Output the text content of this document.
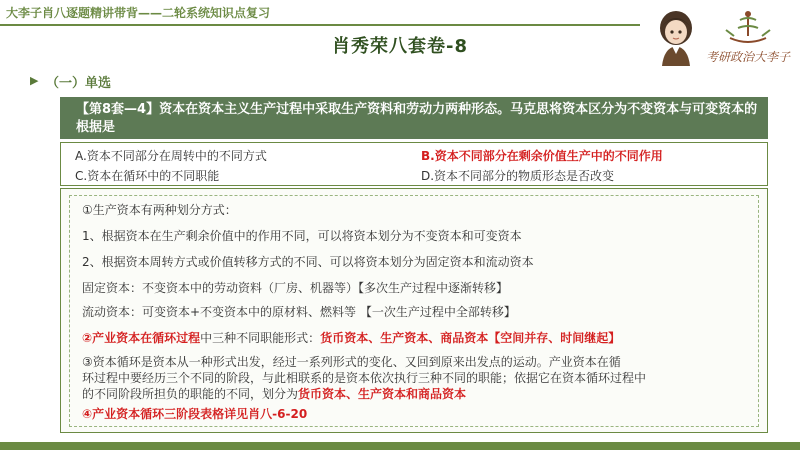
大李子肖八逐题精讲带背——二轮系统知识点复习
肖秀荣八套卷-8	考研政治大李子
▶ （一）单选
【第8套—4】资本在资本主义生产过程中采取生产资料和劳动力两种形态。马克思将资本区分为不变资本与可变资本的根据是
A.资本不同部分在周转中的不同方式	B.资本不同部分在剩余价值生产中的不同作用
C.资本在循环中的不同职能	D.资本不同部分的物质形态是否改变
①生产资本有两种划分方式：
1、根据资本在生产剩余价值中的作用不同，可以将资本划分为不变资本和可变资本
2、根据资本周转方式或价值转移方式的不同、可以将资本划分为固定资本和流动资本
固定资本：不变资本中的劳动资料（厂房、机器等）【多次生产过程中逐渐转移】
流动资本：可变资本+不变资本中的原材料、燃料等 【一次生产过程中全部转移】
②产业资本在循环过程中三种不同职能形式：货币资本、生产资本、商品资本【空间并存、时间继起】
③资本循环是资本从一种形式出发，经过一系列形式的变化、又回到原来出发点的运动。产业资本在循
环过程中要经历三个不同的阶段，与此相联系的是资本依次执行三种不同的职能；依据它在资本循环过程中
的不同阶段所担负的职能的不同，划分为货币资本、生产资本和商品资本
④产业资本循环三阶段表格详见肖八-6-20
